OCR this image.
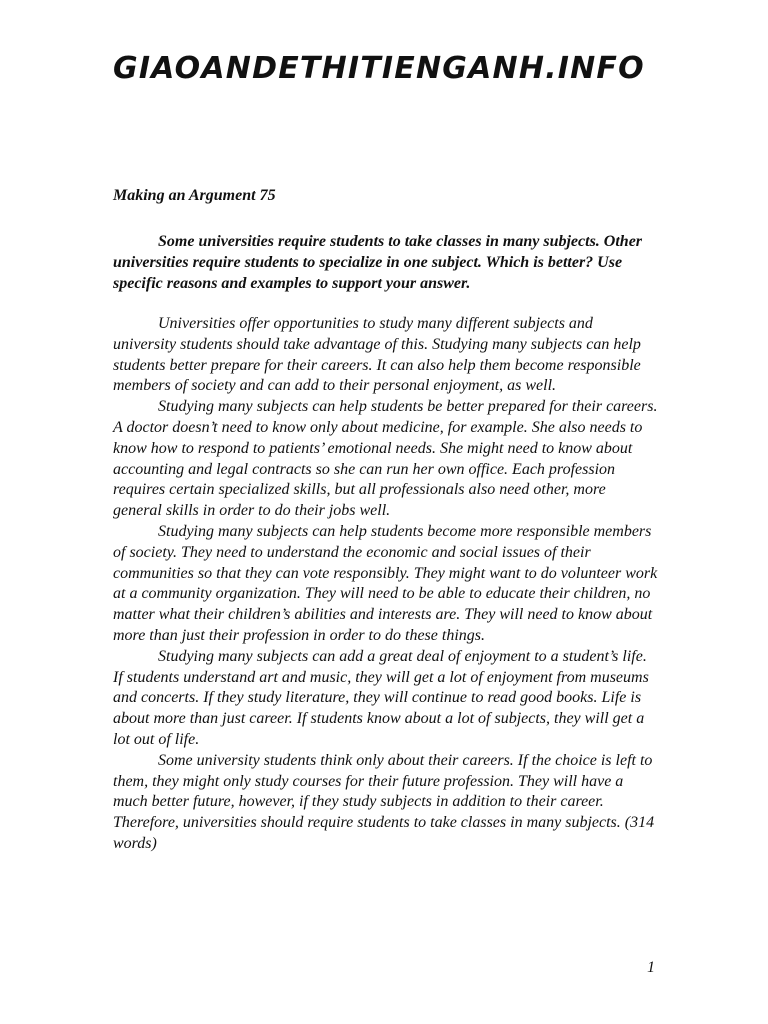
GIAOANDETHITIENGANH.INFO
Making an Argument 75

Some universities require students to take classes in many subjects. Other universities require students to specialize in one subject. Which is better? Use specific reasons and examples to support your answer.

Universities offer opportunities to study many different subjects and university students should take advantage of this. Studying many subjects can help students better prepare for their careers. It can also help them become responsible members of society and can add to their personal enjoyment, as well.

Studying many subjects can help students be better prepared for their careers. A doctor doesn’t need to know only about medicine, for example. She also needs to know how to respond to patients’ emotional needs. She might need to know about accounting and legal contracts so she can run her own office. Each profession requires certain specialized skills, but all professionals also need other, more general skills in order to do their jobs well.

Studying many subjects can help students become more responsible members of society. They need to understand the economic and social issues of their communities so that they can vote responsibly. They might want to do volunteer work at a community organization. They will need to be able to educate their children, no matter what their children’s abilities and interests are. They will need to know about more than just their profession in order to do these things.

Studying many subjects can add a great deal of enjoyment to a student’s life. If students understand art and music, they will get a lot of enjoyment from museums and concerts. If they study literature, they will continue to read good books. Life is about more than just career. If students know about a lot of subjects, they will get a lot out of life.

Some university students think only about their careers. If the choice is left to them, they might only study courses for their future profession. They will have a much better future, however, if they study subjects in addition to their career. Therefore, universities should require students to take classes in many subjects. (314 words)

1
